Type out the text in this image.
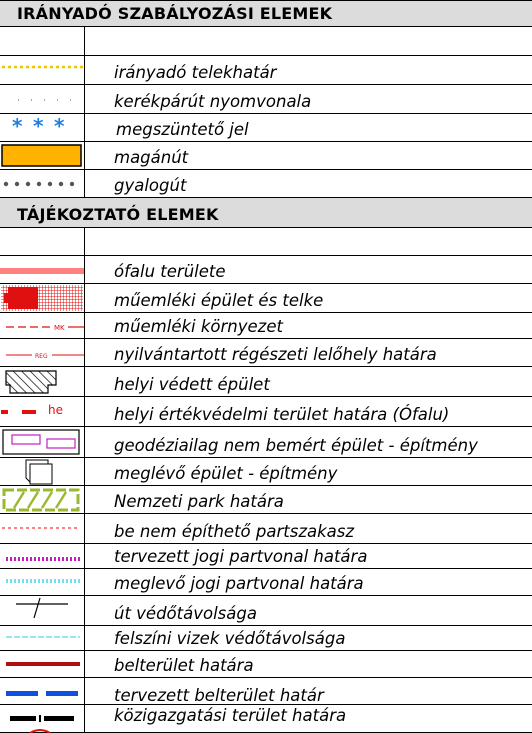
IRÁNYADÓ SZABÁLYOZÁSI ELEMEK
irányadó telekhatár
kerékpárút nyomvonala
* * *	megszüntető jel
magánút
gyalogút
TÁJÉKOZTATÓ ELEMEK
ófalu területe
műemléki épület és telke
MK	műemléki környezet
REG	nyilvántartott régészeti lelőhely határa
helyi védett épület
he	helyi értékvédelmi terület határa (Ófalu)
geodéziailag nem bemért épület - építmény
meglévő épület - építmény
Nemzeti park határa
be nem építhető partszakasz
tervezett jogi partvonal határa
meglevő jogi partvonal határa
út védőtávolsága
felszíni vizek védőtávolsága
belterület határa
tervezett belterület határ
közigazgatási terület határa
